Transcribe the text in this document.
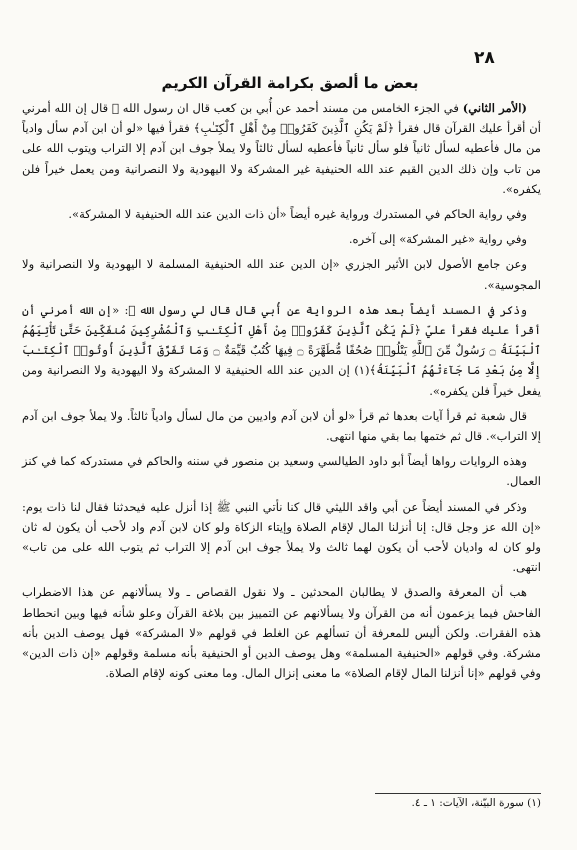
٢٨
بعض ما ألصق بكرامة القرآن الكريم

(الأمر الثاني) في الجزء الخامس من مسند أحمد عن أُبي بن كعب قال ان رسول الله ﷺ قال إن الله أمرني أن أقرأ عليك القرآن قال فقرأ ﴿لَمْ يَكُنِ ٱلَّذِينَ كَفَرُوا۟ مِنْ أَهْلِ ٱلْكِتَـٰبِ﴾ فقرأ فيها «لو أن ابن آدم سأل وادياً من مال فأعطيه لسأل ثانياً فلو سأل ثانياً فأعطيه لسأل ثالثاً ولا يملأ جوف ابن آدم إلا التراب ويتوب الله على من تاب وإن ذلك الدين القيم عند الله الحنيفية غير المشركة ولا اليهودية ولا النصرانية ومن يعمل خيراً فلن يكفره».

وفي رواية الحاكم في المستدرك ورواية غيره أيضاً «أن ذات الدين عند الله الحنيفية لا المشركة».

وفي رواية «غير المشركة» إلى آخره.

وعن جامع الأصول لابن الأثير الجزري «إن الدين عند الله الحنيفية المسلمة لا اليهودية ولا النصرانية ولا المجوسية».

وذكر في المسند أيضاً بعد هذه الرواية عن أُبي قال قال لي رسول الله ﷺ: «إن الله أمرني أن أقرأ عليك فقرأ عليّ ﴿لَمْ يَكُنِ ٱلَّذِينَ كَفَرُوا۟ مِنْ أَهْلِ ٱلْكِتَـٰبِ وَٱلْمُشْرِكِينَ مُنفَكِّينَ حَتَّىٰ تَأْتِيَهُمُ ٱلْبَيِّنَةُ ۝ رَسُولٌ مِّنَ ٱللَّهِ يَتْلُوا۟ صُحُفًا مُّطَهَّرَةً ۝ فِيهَا كُتُبٌ قَيِّمَةٌ ۝ وَمَا تَفَرَّقَ ٱلَّذِينَ أُوتُوا۟ ٱلْكِتَـٰبَ إِلَّا مِنۢ بَعْدِ مَا جَآءَتْهُمُ ٱلْبَيِّنَةُ﴾(١) إن الدين عند الله الحنيفية لا المشركة ولا اليهودية ولا النصرانية ومن يفعل خيراً فلن يكفره».

قال شعبة ثم قرأ آيات بعدها ثم قرأ «لو أن لابن آدم واديين من مال لسأل وادياً ثالثاً. ولا يملأ جوف ابن آدم إلا التراب». قال ثم ختمها بما بقي منها انتهى.

وهذه الروايات رواها أيضاً أبو داود الطيالسي وسعيد بن منصور في سننه والحاكم في مستدركه كما في كنز العمال.

وذكر في المسند أيضاً عن أبي واقد الليثي قال كنا نأتي النبي ﷺ إذا أنزل عليه فيحدثنا فقال لنا ذات يوم: «إن الله عز وجل قال: إنا أنزلنا المال لإقام الصلاة وإيتاء الزكاة ولو كان لابن آدم واد لأحب أن يكون له ثان ولو كان له واديان لأحب أن يكون لهما ثالث ولا يملأ جوف ابن آدم إلا التراب ثم يتوب الله على من تاب» انتهى.

هب أن المعرفة والصدق لا يطالبان المحدثين ـ ولا نقول القصاص ـ ولا يسألانهم عن هذا الاضطراب الفاحش فيما يزعمون أنه من القرآن ولا يسألانهم عن التمييز بين بلاغة القرآن وعلو شأنه فيها وبين انحطاط هذه الفقرات. ولكن أليس للمعرفة أن تسألهم عن الغلط في قولهم «لا المشركة» فهل يوصف الدين بأنه مشركة. وفي قولهم «الحنيفية المسلمة» وهل يوصف الدين أو الحنيفية بأنه مسلمة وقولهم «إن ذات الدين» وفي قولهم «إنا أنزلنا المال لإقام الصلاة» ما معنى إنزال المال. وما معنى كونه لإقام الصلاة.

(١) سورة البيّنة، الآيات: ١ ـ ٤.
